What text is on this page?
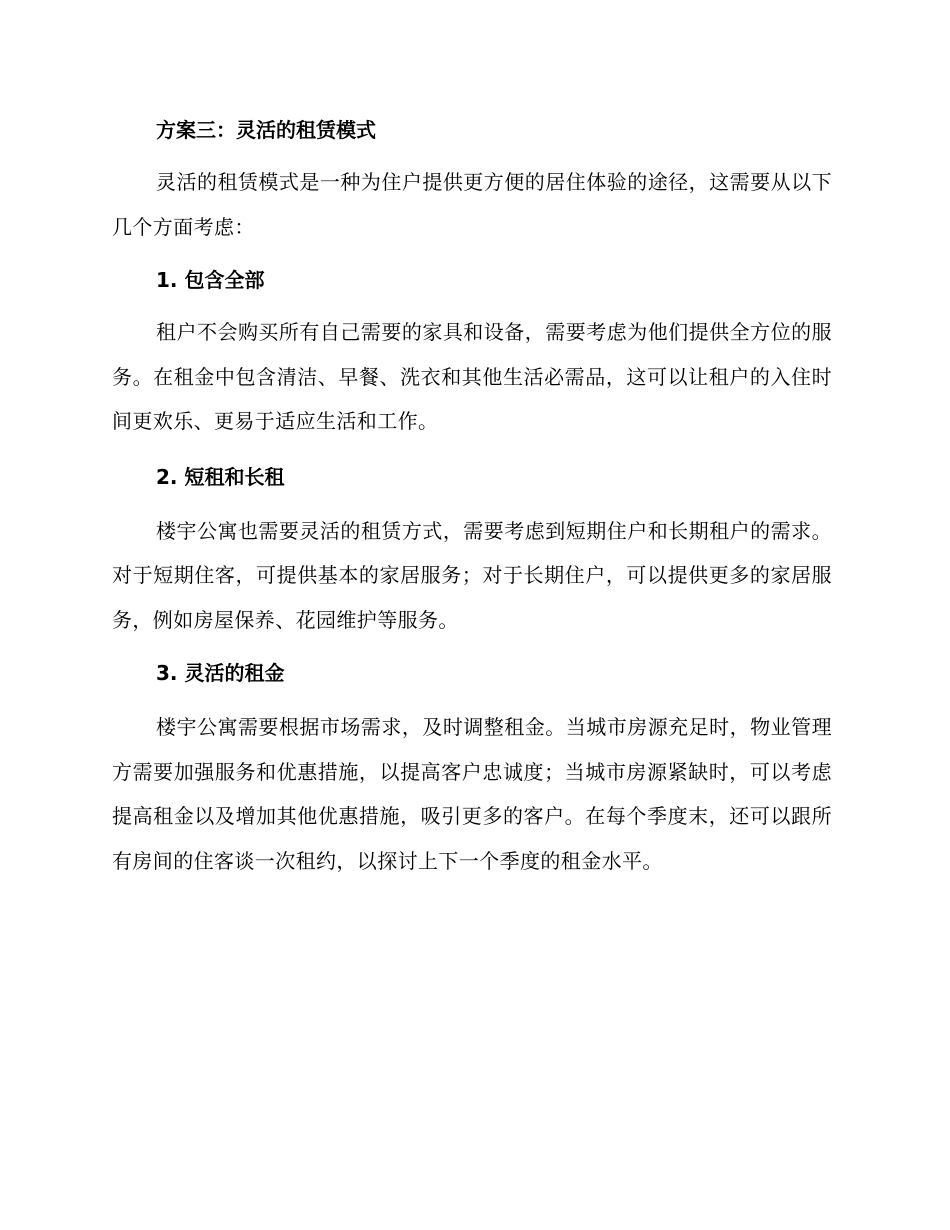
方案三：灵活的租赁模式

灵活的租赁模式是一种为住户提供更方便的居住体验的途径，这需要从以下几个方面考虑：

1. 包含全部

租户不会购买所有自己需要的家具和设备，需要考虑为他们提供全方位的服务。在租金中包含清洁、早餐、洗衣和其他生活必需品，这可以让租户的入住时间更欢乐、更易于适应生活和工作。

2. 短租和长租

楼宇公寓也需要灵活的租赁方式，需要考虑到短期住户和长期租户的需求。对于短期住客，可提供基本的家居服务；对于长期住户，可以提供更多的家居服务，例如房屋保养、花园维护等服务。

3. 灵活的租金

楼宇公寓需要根据市场需求，及时调整租金。当城市房源充足时，物业管理方需要加强服务和优惠措施，以提高客户忠诚度；当城市房源紧缺时，可以考虑提高租金以及增加其他优惠措施，吸引更多的客户。在每个季度末，还可以跟所有房间的住客谈一次租约，以探讨上下一个季度的租金水平。
